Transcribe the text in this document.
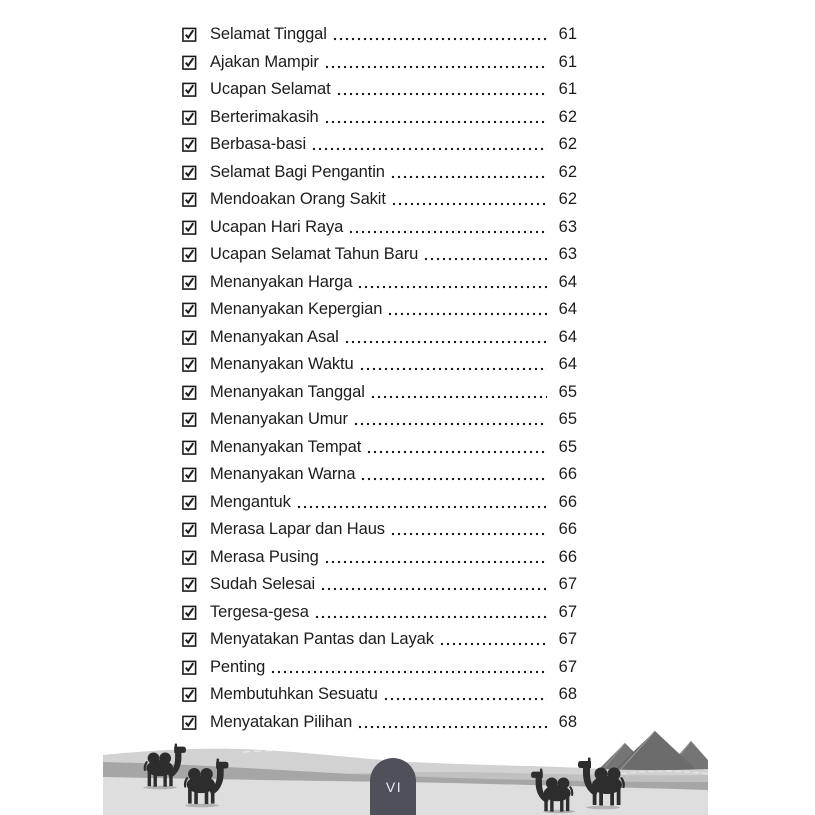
Selamat Tinggal	61
Ajakan Mampir	61
Ucapan Selamat	61
Berterimakasih	62
Berbasa-basi	62
Selamat Bagi Pengantin	62
Mendoakan Orang Sakit	62
Ucapan Hari Raya	63
Ucapan Selamat Tahun Baru	63
Menanyakan Harga	64
Menanyakan Kepergian	64
Menanyakan Asal	64
Menanyakan Waktu	64
Menanyakan Tanggal	65
Menanyakan Umur	65
Menanyakan Tempat	65
Menanyakan Warna	66
Mengantuk	66
Merasa Lapar dan Haus	66
Merasa Pusing	66
Sudah Selesai	67
Tergesa-gesa	67
Menyatakan Pantas dan Layak	67
Penting	67
Membutuhkan Sesuatu	68
Menyatakan Pilihan	68
VI
